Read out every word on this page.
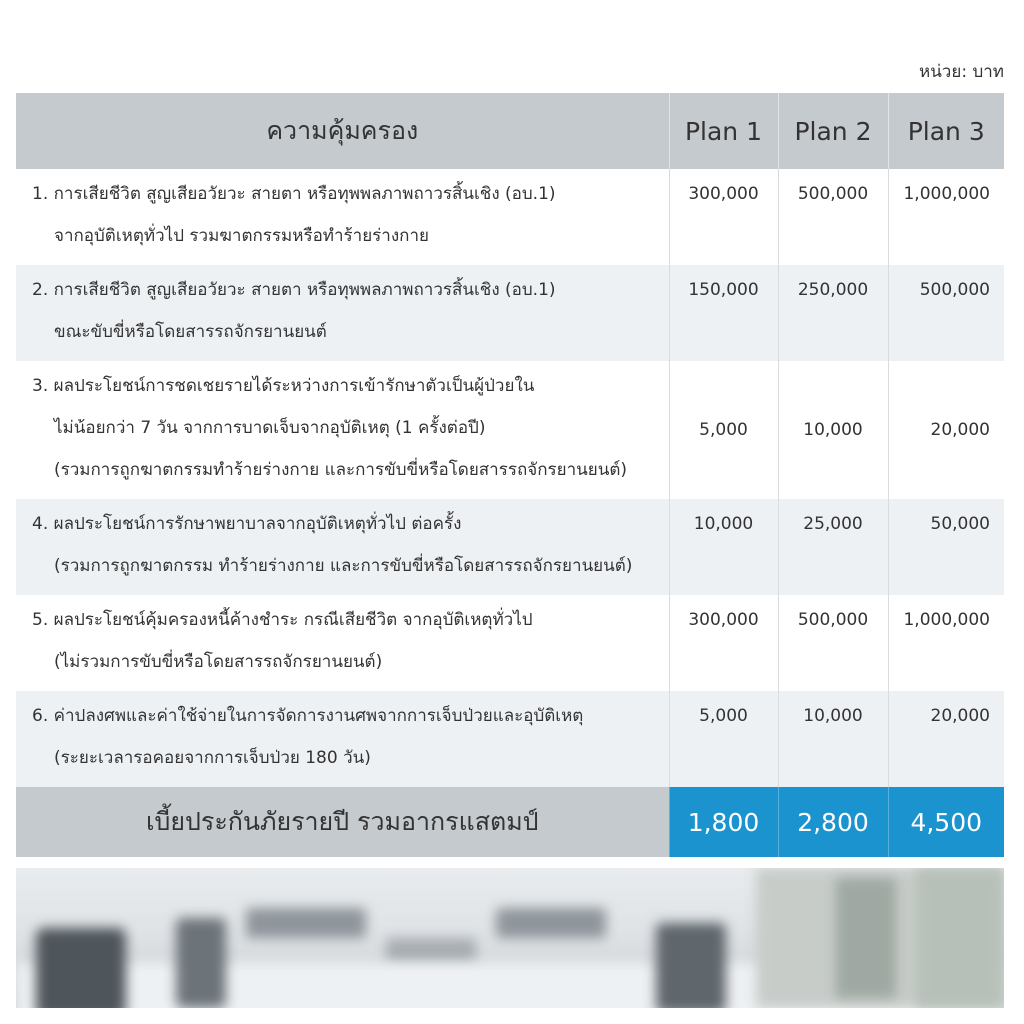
หน่วย: บาท
ความคุ้มครอง	Plan 1	Plan 2	Plan 3

1. การเสียชีวิต สูญเสียอวัยวะ สายตา หรือทุพพลภาพถาวรสิ้นเชิง (อบ.1)
จากอุบัติเหตุทั่วไป รวมฆาตกรรมหรือทำร้ายร่างกาย	300,000	500,000	1,000,000

2. การเสียชีวิต สูญเสียอวัยวะ สายตา หรือทุพพลภาพถาวรสิ้นเชิง (อบ.1)
ขณะขับขี่หรือโดยสารรถจักรยานยนต์	150,000	250,000	500,000

3. ผลประโยชน์การชดเชยรายได้ระหว่างการเข้ารักษาตัวเป็นผู้ป่วยใน
ไม่น้อยกว่า 7 วัน จากการบาดเจ็บจากอุบัติเหตุ (1 ครั้งต่อปี)
(รวมการถูกฆาตกรรมทำร้ายร่างกาย และการขับขี่หรือโดยสารรถจักรยานยนต์)	5,000	10,000	20,000

4. ผลประโยชน์การรักษาพยาบาลจากอุบัติเหตุทั่วไป ต่อครั้ง
(รวมการถูกฆาตกรรม ทำร้ายร่างกาย และการขับขี่หรือโดยสารรถจักรยานยนต์)	10,000	25,000	50,000

5. ผลประโยชน์คุ้มครองหนี้ค้างชำระ กรณีเสียชีวิต จากอุบัติเหตุทั่วไป
(ไม่รวมการขับขี่หรือโดยสารรถจักรยานยนต์)	300,000	500,000	1,000,000

6. ค่าปลงศพและค่าใช้จ่ายในการจัดการงานศพจากการเจ็บป่วยและอุบัติเหตุ
(ระยะเวลารอคอยจากการเจ็บป่วย 180 วัน)	5,000	10,000	20,000
เบี้ยประกันภัยรายปี รวมอากรแสตมป์	1,800	2,800	4,500
